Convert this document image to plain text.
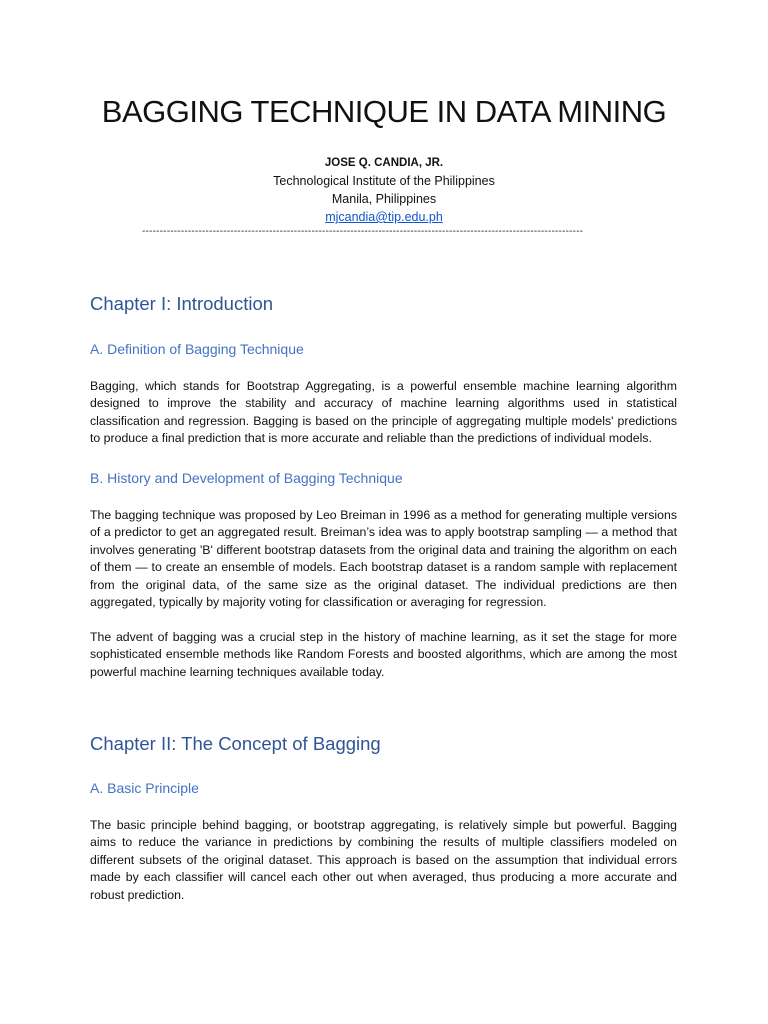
BAGGING TECHNIQUE IN DATA MINING
JOSE Q. CANDIA, JR.
Technological Institute of the Philippines
Manila, Philippines
mjcandia@tip.edu.ph
-----------------------------------------------------------------------------------------------------------------------------
Chapter I: Introduction
A. Definition of Bagging Technique
Bagging, which stands for Bootstrap Aggregating, is a powerful ensemble machine learning algorithm designed to improve the stability and accuracy of machine learning algorithms used in statistical classification and regression. Bagging is based on the principle of aggregating multiple models' predictions to produce a final prediction that is more accurate and reliable than the predictions of individual models.
B. History and Development of Bagging Technique
The bagging technique was proposed by Leo Breiman in 1996 as a method for generating multiple versions of a predictor to get an aggregated result. Breiman’s idea was to apply bootstrap sampling — a method that involves generating 'B' different bootstrap datasets from the original data and training the algorithm on each of them — to create an ensemble of models. Each bootstrap dataset is a random sample with replacement from the original data, of the same size as the original dataset. The individual predictions are then aggregated, typically by majority voting for classification or averaging for regression.
The advent of bagging was a crucial step in the history of machine learning, as it set the stage for more sophisticated ensemble methods like Random Forests and boosted algorithms, which are among the most powerful machine learning techniques available today.
Chapter II: The Concept of Bagging
A. Basic Principle
The basic principle behind bagging, or bootstrap aggregating, is relatively simple but powerful. Bagging aims to reduce the variance in predictions by combining the results of multiple classifiers modeled on different subsets of the original dataset. This approach is based on the assumption that individual errors made by each classifier will cancel each other out when averaged, thus producing a more accurate and robust prediction.
